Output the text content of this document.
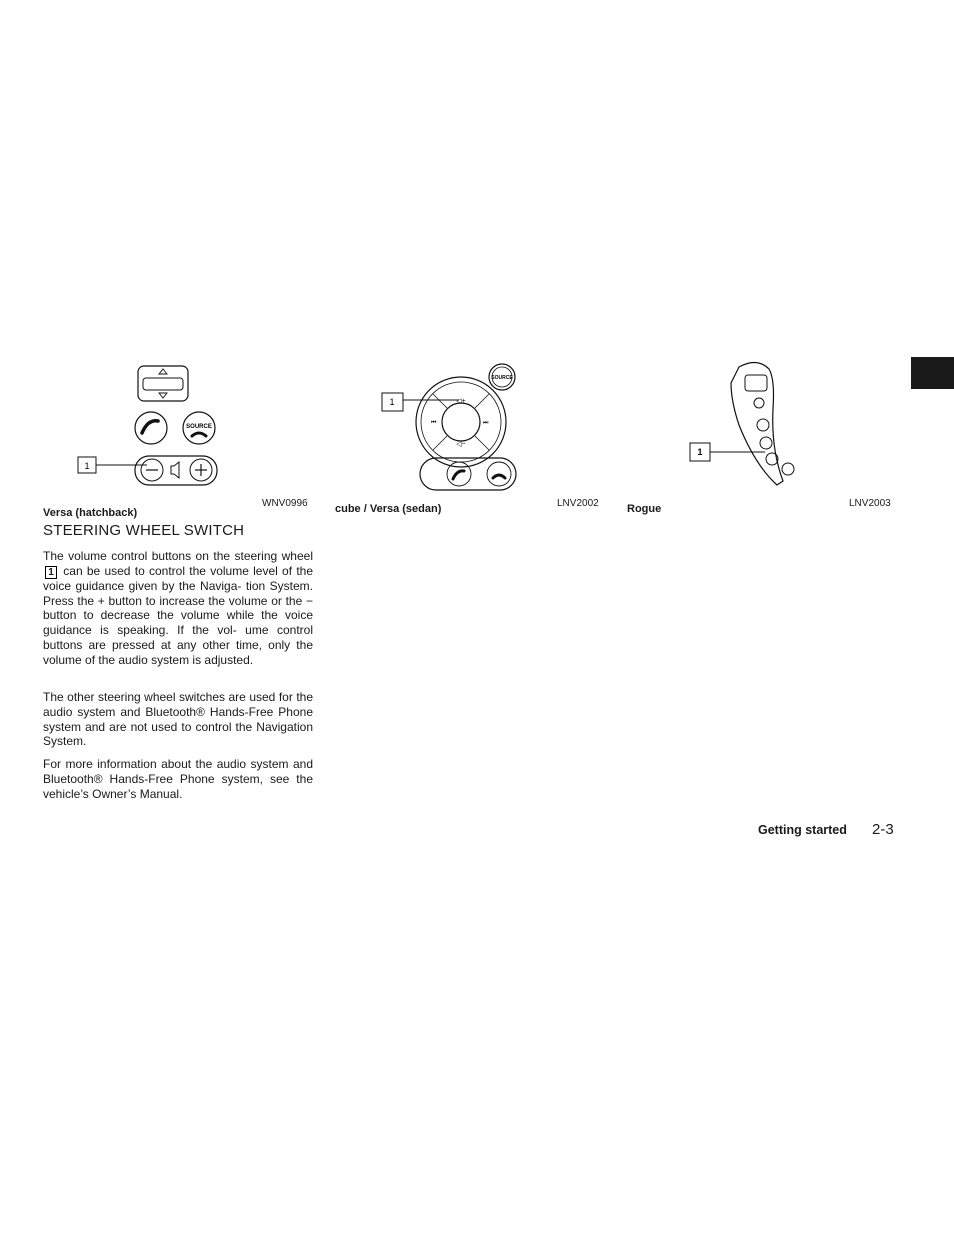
SOURCE
1
WNV0996
Versa (hatchback)
SOURCE
◁+
◁−
⏮	⏭
1
LNV2002
cube / Versa (sedan)
1
LNV2003
Rogue
STEERING WHEEL SWITCH
The volume control buttons on the steering wheel 1 can be used to control the volume level of the voice guidance given by the Naviga- tion System. Press the + button to increase the volume or the − button to decrease the volume while the voice guidance is speaking. If the vol- ume control buttons are pressed at any other time, only the volume of the audio system is adjusted.
The other steering wheel switches are used for the audio system and Bluetooth® Hands-Free Phone system and are not used to control the Navigation System.
For more information about the audio system and Bluetooth® Hands-Free Phone system, see the vehicle’s Owner’s Manual.
Getting started 2-3
